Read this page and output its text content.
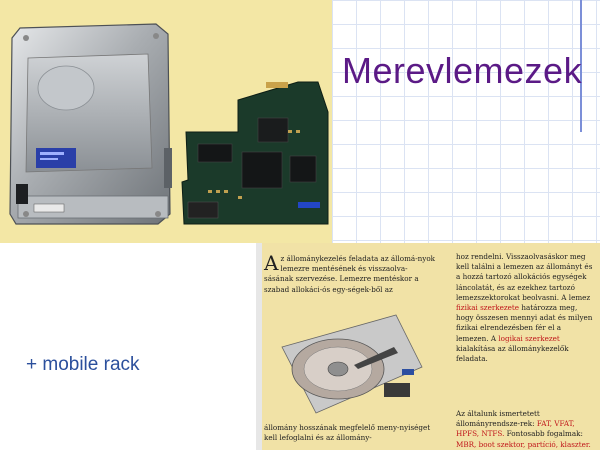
Merevlemezek

+ mobile rack

Az állománykezelés feladata az állomá-nyok lemezre mentésének és visszaolva-sásának szervezése. Lemezre mentéskor a szabad allokáci-ós egy-ségek-ből az

állomány hosszának megfelelő meny-nyiséget kell lefoglalni és az állomány-

hoz rendelni. Visszaolvasáskor meg kell találni a lemezen az állományt és a hozzá tartozó allokációs egységek láncolatát, és az ezekhez tartozó lemezszektorokat beolvasni. A lemez fizikai szerkezete határozza meg, hogy összesen mennyi adat és milyen fizikai elrendezésben fér el a lemezen. A logikai szerkezet kialakítása az állománykezelők feladata.

Az általunk ismertetett állományrendsze-rek: FAT, VFAT, HPFS, NTFS. Fontosabb fogalmak: MBR, boot szektor, partíció, klaszter.
